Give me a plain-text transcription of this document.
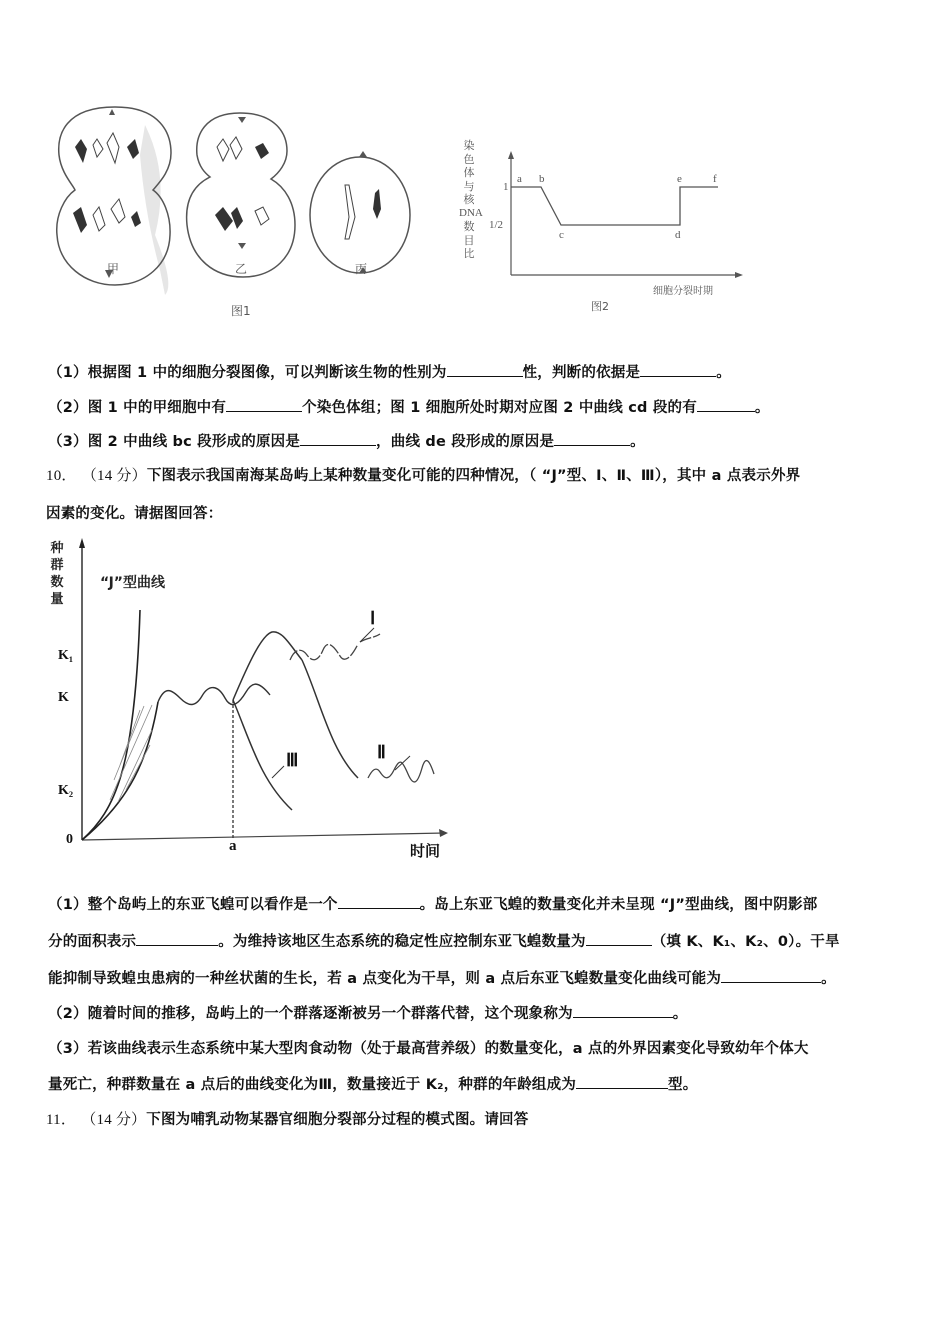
甲	乙	丙
图1
染
色
体
与
核
DNA
数
目
比
1
1/2
a b
c	d
e	f
细胞分裂时期
图2
（1）根据图 1 中的细胞分裂图像，可以判断该生物的性别为	性，判断的依据是	。
（2）图 1 中的甲细胞中有	个染色体组；图 1 细胞所处时期对应图 2 中曲线 cd 段的有	。
（3）图 2 中曲线 bc 段形成的原因是	，曲线 de 段形成的原因是	。
10． （14 分）下图表示我国南海某岛屿上某种数量变化可能的四种情况，（ “J”型、Ⅰ、Ⅱ、Ⅲ），其中 a 点表示外界
因素的变化。请据图回答：
种
群
数
量
“J”型曲线
K₁
K
K₂
0	a	时间
Ⅰ
Ⅱ
Ⅲ
（1）整个岛屿上的东亚飞蝗可以看作是一个	。岛上东亚飞蝗的数量变化并未呈现 “J”型曲线，图中阴影部
分的面积表示	。为维持该地区生态系统的稳定性应控制东亚飞蝗数量为	（填 K、K₁、K₂、0）。干旱
能抑制导致蝗虫患病的一种丝状菌的生长，若 a 点变化为干旱，则 a 点后东亚飞蝗数量变化曲线可能为	。
（2）随着时间的推移，岛屿上的一个群落逐渐被另一个群落代替，这个现象称为	。
（3）若该曲线表示生态系统中某大型肉食动物（处于最高营养级）的数量变化，a 点的外界因素变化导致幼年个体大
量死亡，种群数量在 a 点后的曲线变化为Ⅲ，数量接近于 K₂，种群的年龄组成为	型。
11． （14 分）下图为哺乳动物某器官细胞分裂部分过程的模式图。请回答
